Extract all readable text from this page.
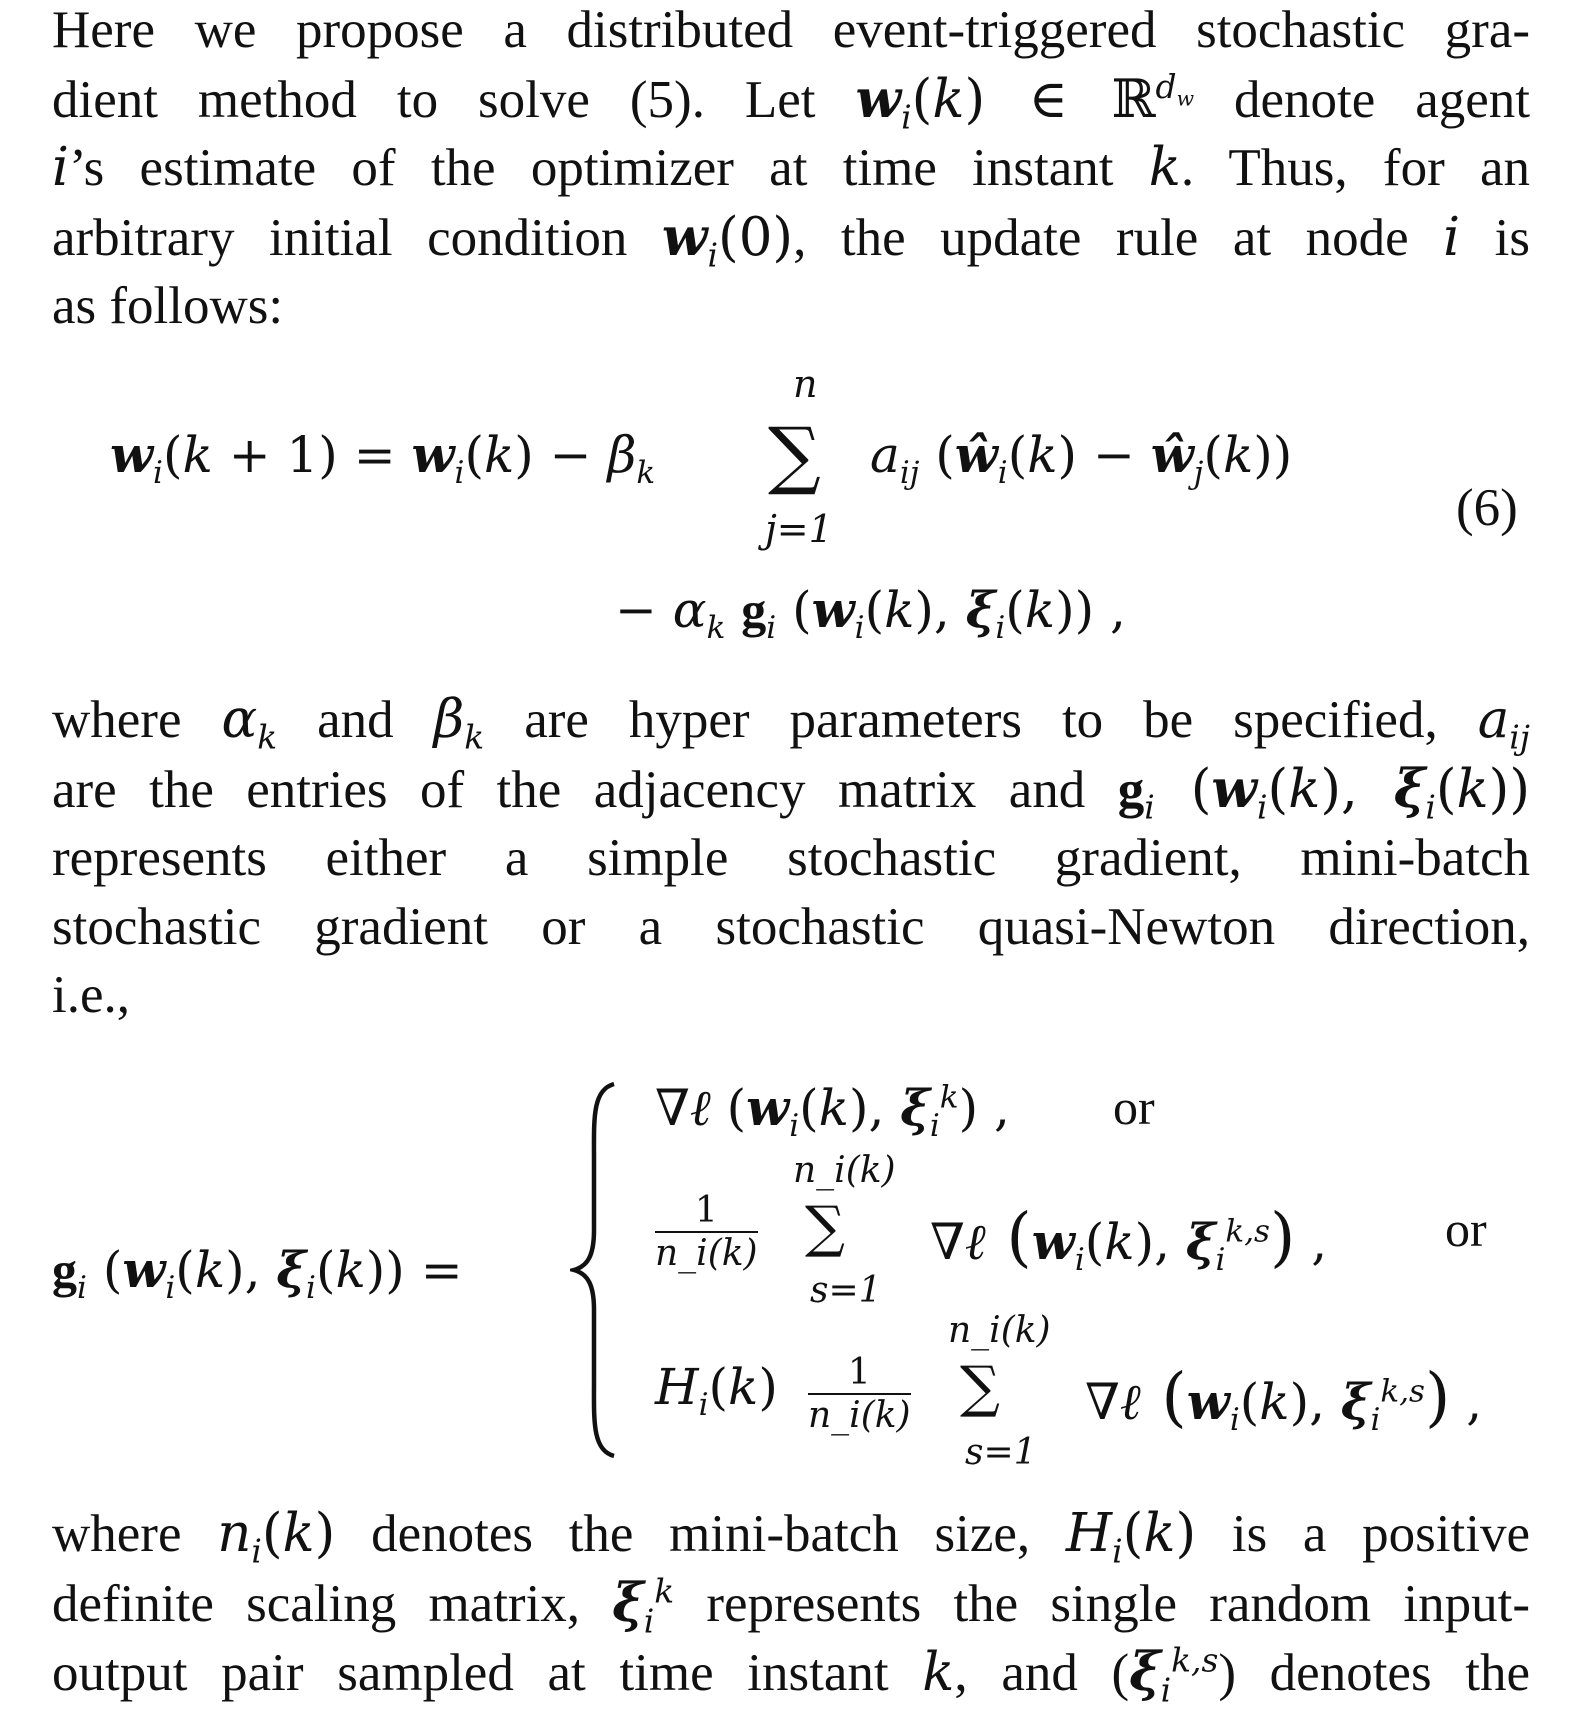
Here we propose a distributed event-triggered stochastic gra-
dient method to solve (5). Let $w_i(k)$ ∈ ℝ$^{d_w}$ denote agent
i’s estimate of the optimizer at time instant k. Thus, for an
arbitrary initial condition $w_i(0)$, the update rule at node i is
as follows:
$w_i(k + 1) = w_i(k) - \beta_k$
n
∑
j=1
$a_{ij}$ ($ŵ_i(k)$ − $ŵ_j(k)$)
− $\alpha_k$ $g_i$ ($w_i(k)$, $\xi_i(k)$) ,
(6)
where $\alpha_k$ and $\beta_k$ are hyper parameters to be specified, $a_{ij}$
are the entries of the adjacency matrix and $g_i$ ($w_i(k)$, $\xi_i(k)$)
represents either a simple stochastic gradient, mini-batch
stochastic gradient or a stochastic quasi-Newton direction,
i.e.,
$g_i$ ($w_i(k)$, $\xi_i(k)$) =
∇ℓ ($w_i(k)$, $\xi_i^k$) , or
$\frac{1}{n\_i(k)}$
n_i(k)
∑
s=1
∇ℓ ($w_i(k)$, $\xi_i^{k,s}$) , or
$H_i(k) \frac{1}{n\_i(k)}$
n_i(k)
∑
s=1
∇ℓ ($w_i(k)$, $\xi_i^{k,s}$) ,
where $n_i(k)$ denotes the mini-batch size, $H_i(k)$ is a positive
definite scaling matrix, $\xi_i^k$ represents the single random input-
output pair sampled at time instant k, and $(\xi_i^{k,s})$ denotes the
